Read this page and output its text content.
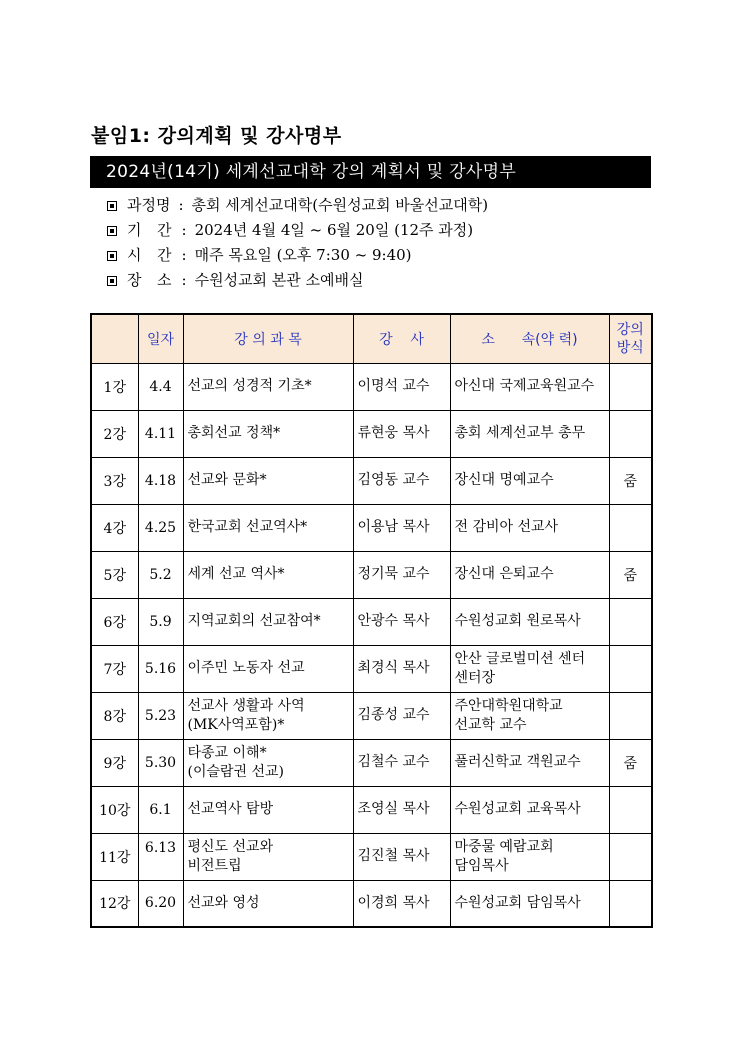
붙임1: 강의계획 및 강사명부
2024년(14기) 세계선교대학 강의 계획서 및 강사명부
과정명 : 총회 세계선교대학(수원성교회 바울선교대학)
기  간 : 2024년 4월 4일 ~ 6월 20일 (12주 과정)
시  간 : 매주 목요일 (오후 7:30 ~ 9:40)
장  소 : 수원성교회 본관 소예배실
	일자	강 의 과 목	강    사	소      속(약 력)	강의
방식
1강	4.4	선교의 성경적 기초*	이명석 교수	아신대 국제교육원교수	
2강	4.11	총회선교 정책*	류현웅 목사	총회 세계선교부 총무	
3강	4.18	선교와 문화*	김영동 교수	장신대 명예교수	줌
4강	4.25	한국교회 선교역사*	이용남 목사	전 감비아 선교사	
5강	5.2	세계 선교 역사*	정기묵 교수	장신대 은퇴교수	줌
6강	5.9	지역교회의 선교참여*	안광수 목사	수원성교회 원로목사	
7강	5.16	이주민 노동자 선교	최경식 목사	안산 글로벌미션 센터
센터장	
8강	5.23	선교사 생활과 사역
(MK사역포함)*	김종성 교수	주안대학원대학교
선교학 교수	
9강	5.30	타종교 이해*
(이슬람권 선교)	김철수 교수	풀러신학교 객원교수	줌
10강	6.1	선교역사 탐방	조영실 목사	수원성교회 교육목사	
11강	6.13	평신도 선교와
비전트립	김진철 목사	마중물 예람교회
담임목사	
12강	6.20	선교와 영성	이경희 목사	수원성교회 담임목사	
